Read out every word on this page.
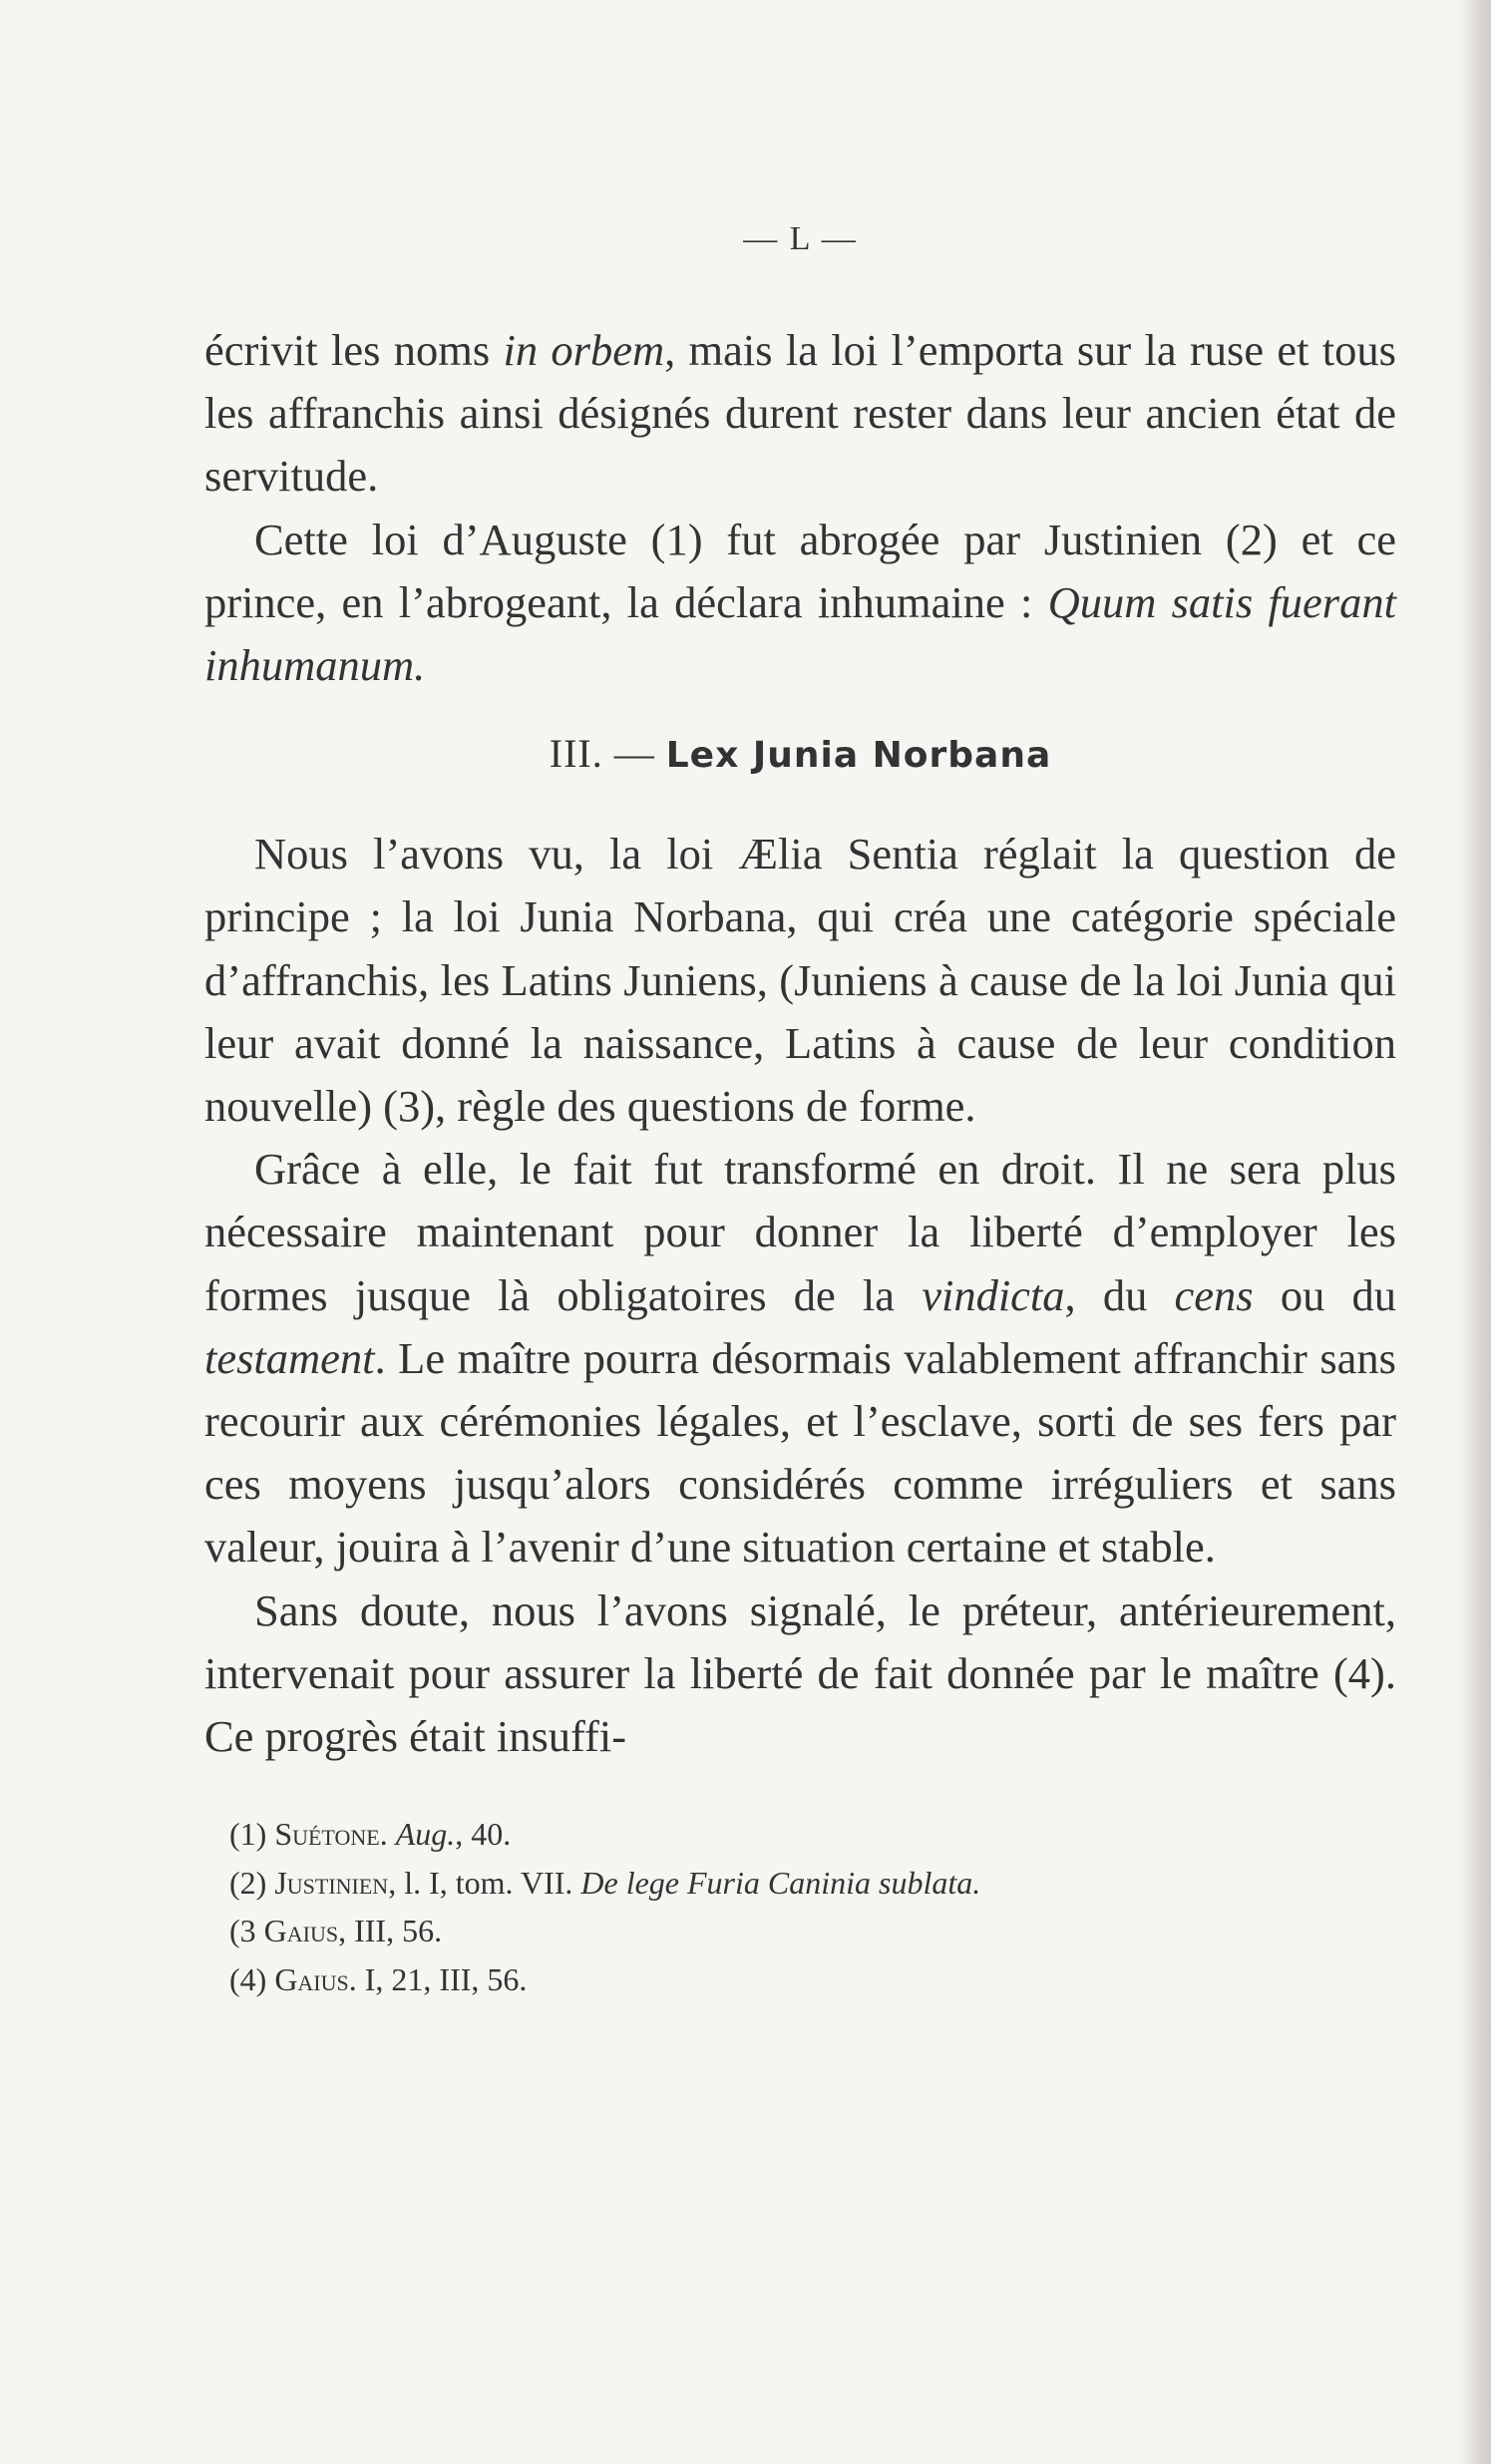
— L —

écrivit les noms in orbem, mais la loi l’emporta sur la ruse et tous les affranchis ainsi désignés durent rester dans leur ancien état de servitude.

Cette loi d’Auguste (1) fut abrogée par Justinien (2) et ce prince, en l’abrogeant, la déclara inhumaine : Quum satis fuerant inhumanum.

III. — Lex Junia Norbana

Nous l’avons vu, la loi Ælia Sentia réglait la question de principe ; la loi Junia Norbana, qui créa une catégorie spéciale d’affranchis, les Latins Juniens, (Juniens à cause de la loi Junia qui leur avait donné la naissance, Latins à cause de leur condition nouvelle) (3), règle des questions de forme.

Grâce à elle, le fait fut transformé en droit. Il ne sera plus nécessaire maintenant pour donner la liberté d’employer les formes jusque là obligatoires de la vindicta, du cens ou du testament. Le maître pourra désormais valablement affranchir sans recourir aux cérémonies légales, et l’esclave, sorti de ses fers par ces moyens jusqu’alors considérés comme irréguliers et sans valeur, jouira à l’avenir d’une situation certaine et stable.

Sans doute, nous l’avons signalé, le préteur, antérieurement, intervenait pour assurer la liberté de fait donnée par le maître (4). Ce progrès était insuffi-

(1) Suétone. Aug., 40.
(2) Justinien, l. I, tom. VII. De lege Furia Caninia sublata.
(3 Gaius, III, 56.
(4) Gaius. I, 21, III, 56.
